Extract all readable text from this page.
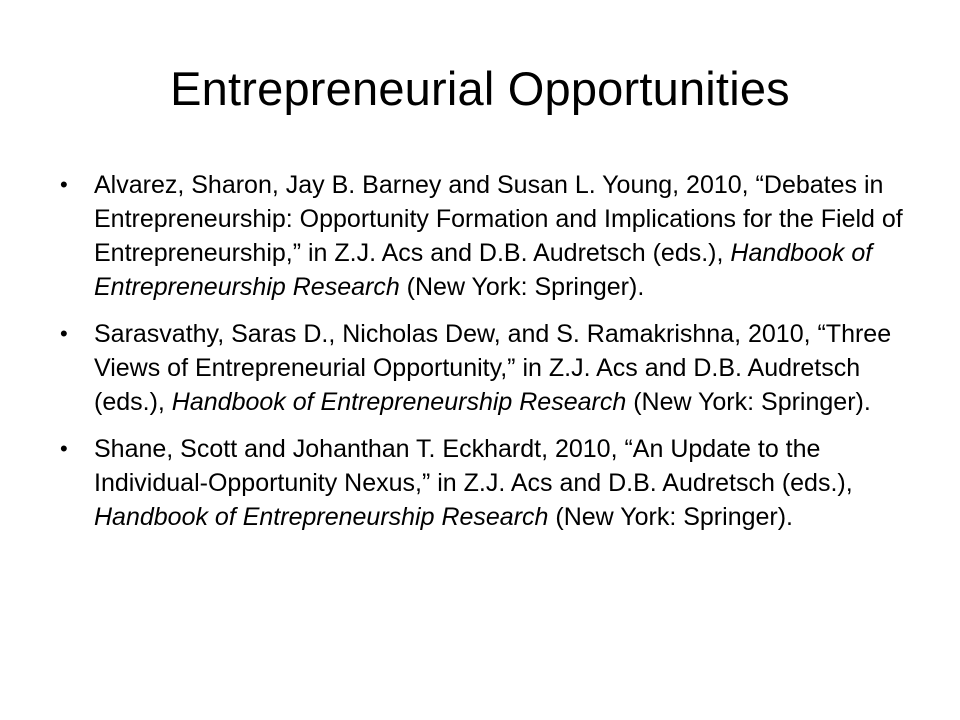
Entrepreneurial Opportunities
• Alvarez, Sharon, Jay B. Barney and Susan L. Young, 2010, “Debates in Entrepreneurship: Opportunity Formation and Implications for the Field of Entrepreneurship,” in Z.J. Acs and D.B. Audretsch (eds.), Handbook of Entrepreneurship Research (New York: Springer).
• Sarasvathy, Saras D., Nicholas Dew, and S. Ramakrishna, 2010, “Three Views of Entrepreneurial Opportunity,” in Z.J. Acs and D.B. Audretsch (eds.), Handbook of Entrepreneurship Research (New York: Springer).
• Shane, Scott and Johanthan T. Eckhardt, 2010, “An Update to the Individual-Opportunity Nexus,” in Z.J. Acs and D.B. Audretsch (eds.), Handbook of Entrepreneurship Research (New York: Springer).
